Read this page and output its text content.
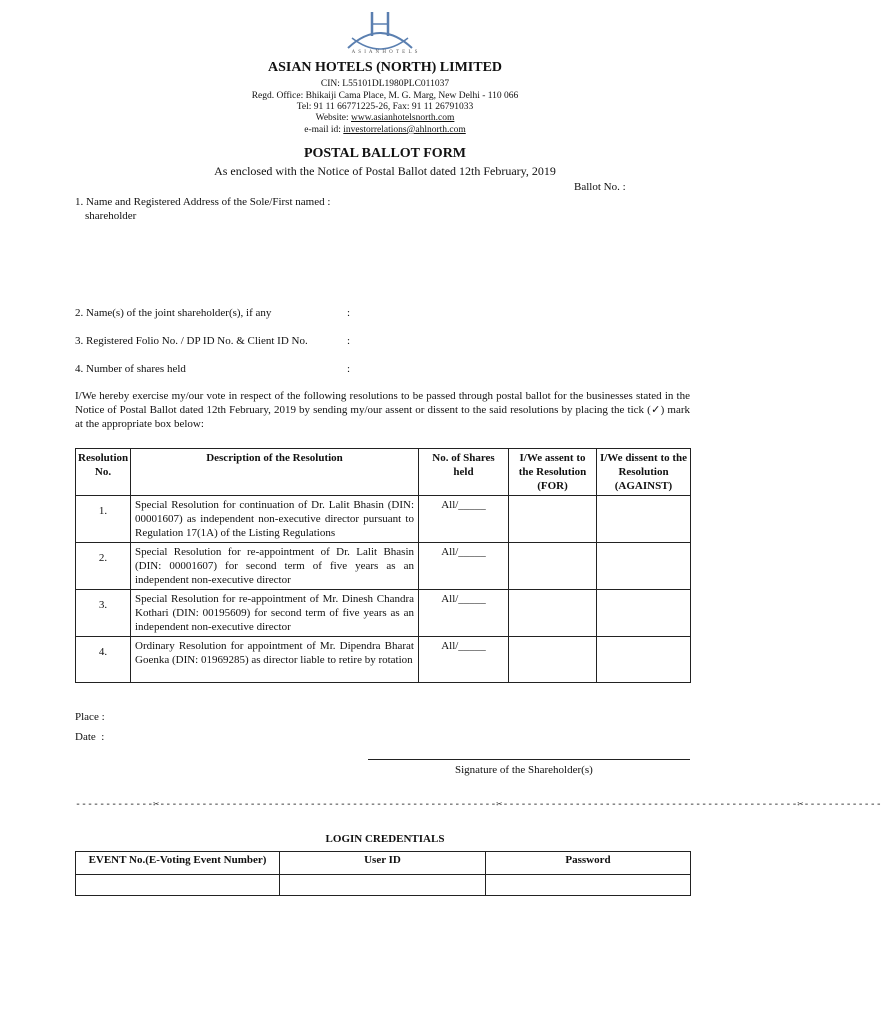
A S I A N H O T E L S
ASIAN HOTELS (NORTH) LIMITED
CIN: L55101DL1980PLC011037
Regd. Office: Bhikaiji Cama Place, M. G. Marg, New Delhi - 110 066
Tel: 91 11 66771225-26, Fax: 91 11 26791033
Website: www.asianhotelsnorth.com
e-mail id: investorrelations@ahlnorth.com
POSTAL BALLOT FORM
As enclosed with the Notice of Postal Ballot dated 12th February, 2019
Ballot No. :
1. Name and Registered Address of the Sole/First named :
shareholder
2. Name(s) of the joint shareholder(s), if any	:
3. Registered Folio No. / DP ID No. & Client ID No.	:
4. Number of shares held	:
I/We hereby exercise my/our vote in respect of the following resolutions to be passed through postal ballot for the businesses stated in the Notice of Postal Ballot dated 12th February, 2019 by sending my/our assent or dissent to the said resolutions by placing the tick (✓) mark at the appropriate box below:
Resolution No.	Description of the Resolution	No. of Shares held	I/We assent to the Resolution (FOR)	I/We dissent to the Resolution (AGAINST)
1.	Special Resolution for continuation of Dr. Lalit Bhasin (DIN: 00001607) as independent non-executive director pursuant to Regulation 17(1A) of the Listing Regulations	All/_____		
2.	Special Resolution for re-appointment of Dr. Lalit Bhasin (DIN: 00001607) for second term of five years as an independent non-executive director	All/_____		
3.	Special Resolution for re-appointment of Mr. Dinesh Chandra Kothari (DIN: 00195609) for second term of five years as an independent non-executive director	All/_____		
4.	Ordinary Resolution for appointment of Mr. Dipendra Bharat Goenka (DIN: 01969285) as director liable to retire by rotation	All/_____		
Place :
Date  :
Signature of the Shareholder(s)
-------------✂--------------------------------------------------------✂-------------------------------------------------✂-------------
LOGIN CREDENTIALS
EVENT No.(E-Voting Event Number)	User ID	Password
